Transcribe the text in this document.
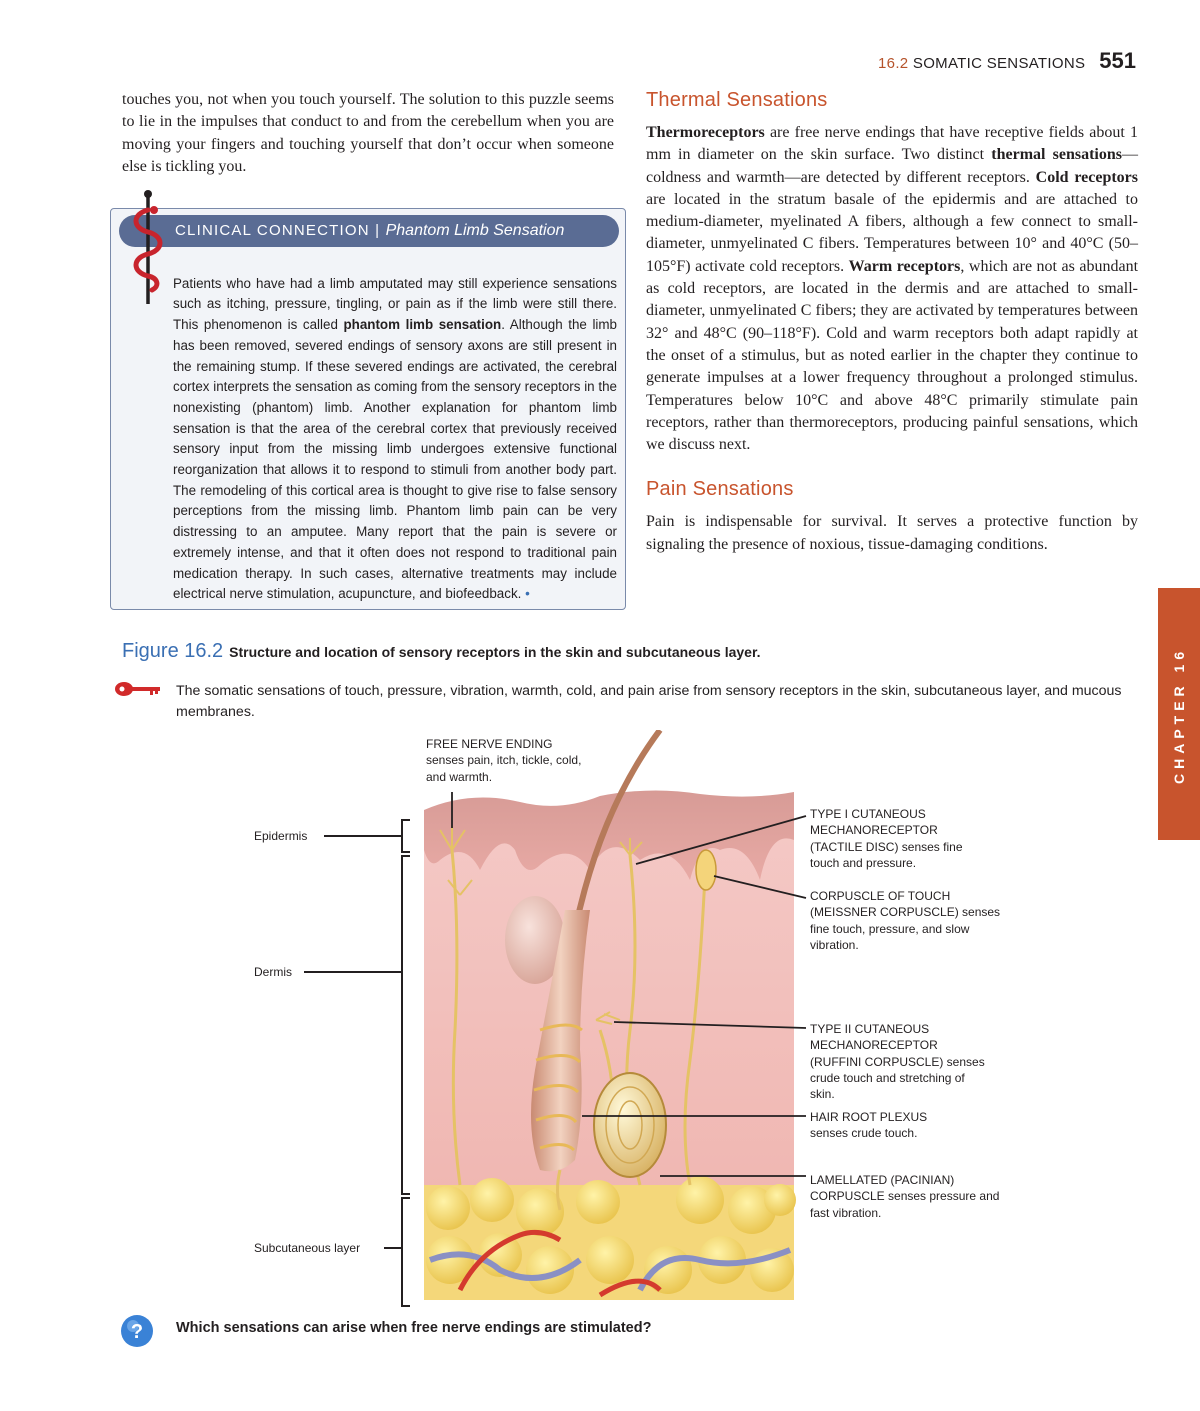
16.2 SOMATIC SENSATIONS 551

touches you, not when you touch yourself. The solution to this puzzle seems to lie in the impulses that conduct to and from the cerebellum when you are moving your fingers and touching yourself that don’t occur when someone else is tickling you.

CLINICAL CONNECTION | Phantom Limb Sensation
Patients who have had a limb amputated may still experience sensations such as itching, pressure, tingling, or pain as if the limb were still there. This phenomenon is called phantom limb sensation. Although the limb has been removed, severed endings of sensory axons are still present in the remaining stump. If these severed endings are activated, the cerebral cortex interprets the sensation as coming from the sensory receptors in the nonexisting (phantom) limb. Another explanation for phantom limb sensation is that the area of the cerebral cortex that previously received sensory input from the missing limb undergoes extensive functional reorganization that allows it to respond to stimuli from another body part. The remodeling of this cortical area is thought to give rise to false sensory perceptions from the missing limb. Phantom limb pain can be very distressing to an amputee. Many report that the pain is severe or extremely intense, and that it often does not respond to traditional pain medication therapy. In such cases, alternative treatments may include electrical nerve stimulation, acupuncture, and biofeedback. •
Thermal Sensations

Thermoreceptors are free nerve endings that have receptive fields about 1 mm in diameter on the skin surface. Two distinct thermal sensations—coldness and warmth—are detected by different receptors. Cold receptors are located in the stratum basale of the epidermis and are attached to medium-diameter, myelinated A fibers, although a few connect to small-diameter, unmyelinated C fibers. Temperatures between 10° and 40°C (50–105°F) activate cold receptors. Warm receptors, which are not as abundant as cold receptors, are located in the dermis and are attached to small-diameter, unmyelinated C fibers; they are activated by temperatures between 32° and 48°C (90–118°F). Cold and warm receptors both adapt rapidly at the onset of a stimulus, but as noted earlier in the chapter they continue to generate impulses at a lower frequency throughout a prolonged stimulus. Temperatures below 10°C and above 48°C primarily stimulate pain receptors, rather than thermoreceptors, producing painful sensations, which we discuss next.

Pain Sensations

Pain is indispensable for survival. It serves a protective function by signaling the presence of noxious, tissue-damaging conditions.

CHAPTER 16
Figure 16.2 Structure and location of sensory receptors in the skin and subcutaneous layer.
The somatic sensations of touch, pressure, vibration, warmth, cold, and pain arise from sensory receptors in the skin, subcutaneous layer, and mucous membranes.
FREE NERVE ENDING
senses pain, itch, tickle, cold, and warmth.
Epidermis
Dermis
Subcutaneous layer
TYPE I CUTANEOUS MECHANORECEPTOR (TACTILE DISC) senses fine touch and pressure.
CORPUSCLE OF TOUCH (MEISSNER CORPUSCLE) senses fine touch, pressure, and slow vibration.
TYPE II CUTANEOUS MECHANORECEPTOR (RUFFINI CORPUSCLE) senses crude touch and stretching of skin.
HAIR ROOT PLEXUS senses crude touch.
LAMELLATED (PACINIAN) CORPUSCLE senses pressure and fast vibration.
? Which sensations can arise when free nerve endings are stimulated?
